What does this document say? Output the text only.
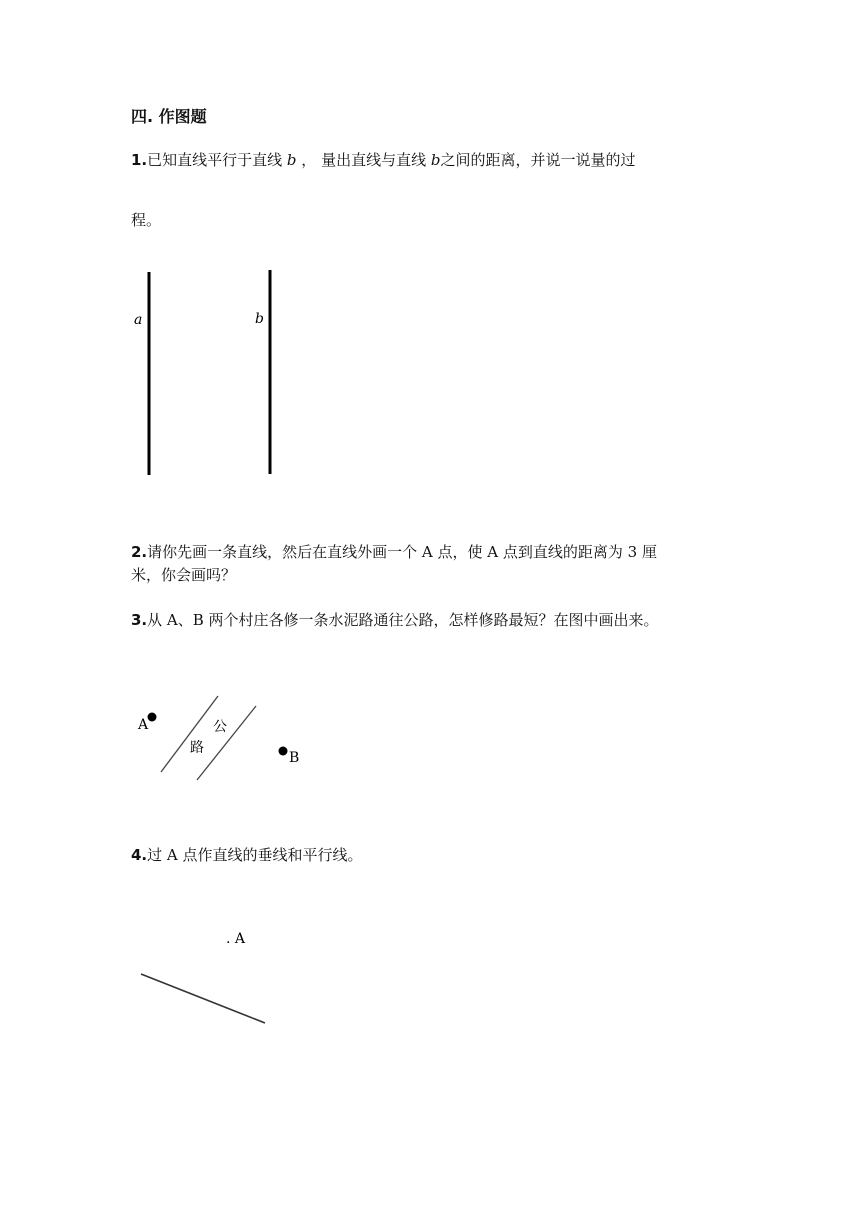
四. 作图题
1.已知直线平行于直线 b ， 量出直线与直线 b之间的距离，并说一说量的过
程。
2.请你先画一条直线，然后在直线外画一个 A 点，使 A 点到直线的距离为 3 厘
米，你会画吗？
3.从 A、B 两个村庄各修一条水泥路通往公路，怎样修路最短？在图中画出来。
4.过 A 点作直线的垂线和平行线。
a	b
A
B
公
路
. A
